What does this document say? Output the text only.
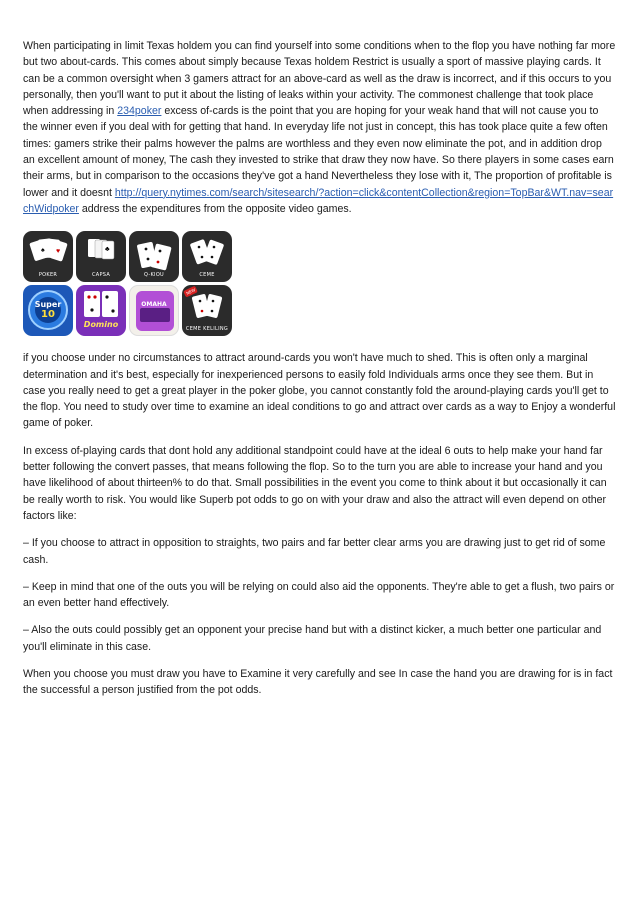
When participating in limit Texas holdem you can find yourself into some conditions when to the flop you have nothing far more but two about-cards. This comes about simply because Texas holdem Restrict is usually a sport of massive playing cards. It can be a common oversight when 3 gamers attract for an above-card as well as the draw is incorrect, and if this occurs to you personally, then you'll want to put it about the listing of leaks within your activity. The commonest challenge that took place when addressing in 234poker excess of-cards is the point that you are hoping for your weak hand that will not cause you to the winner even if you deal with for getting that hand. In everyday life not just in concept, this has took place quite a few often times: gamers strike their palms however the palms are worthless and they even now eliminate the pot, and in addition drop an excellent amount of money, The cash they invested to strike that draw they now have. So there players in some cases earn their arms, but in comparison to the occasions they've got a hand Nevertheless they lose with it, The proportion of profitable is lower and it doesnt http://query.nytimes.com/search/sitesearch/?action=click&contentCollection&region=TopBar&WT.nav=searchWidpoker address the expenditures from the opposite video games.

♥
♠
POKER
♣
CAPSA	Q-KIOU	CEME
Super
10
Domino
OMAHA
NEW
CEME KELILING

if you choose under no circumstances to attract around-cards you won't have much to shed. This is often only a marginal determination and it's best, especially for inexperienced persons to easily fold Individuals arms once they see them. But in case you really need to get a great player in the poker globe, you cannot constantly fold the around-playing cards you'll get to the flop. You need to study over time to examine an ideal conditions to go and attract over cards as a way to Enjoy a wonderful game of poker.

In excess of-playing cards that dont hold any additional standpoint could have at the ideal 6 outs to help make your hand far better following the convert passes, that means following the flop. So to the turn you are able to increase your hand and you have likelihood of about thirteen% to do that. Small possibilities in the event you come to think about it but occasionally it can be really worth to risk. You would like Superb pot odds to go on with your draw and also the attract will even depend on other factors like:

– If you choose to attract in opposition to straights, two pairs and far better clear arms you are drawing just to get rid of some cash.

– Keep in mind that one of the outs you will be relying on could also aid the opponents. They're able to get a flush, two pairs or an even better hand effectively.

– Also the outs could possibly get an opponent your precise hand but with a distinct kicker, a much better one particular and you'll eliminate in this case.

When you choose you must draw you have to Examine it very carefully and see In case the hand you are drawing for is in fact the successful a person justified from the pot odds.
